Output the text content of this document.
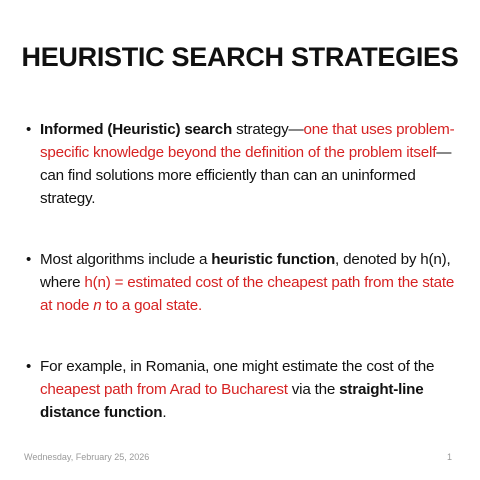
HEURISTIC SEARCH STRATEGIES
• Informed (Heuristic) search strategy—one that uses problem-specific knowledge beyond the definition of the problem itself—can find solutions more efficiently than can an uninformed strategy.
• Most algorithms include a heuristic function, denoted by h(n), where h(n) = estimated cost of the cheapest path from the state at node n to a goal state.
• For example, in Romania, one might estimate the cost of the cheapest path from Arad to Bucharest via the straight-line distance function.
Wednesday, February 25, 2026	1
